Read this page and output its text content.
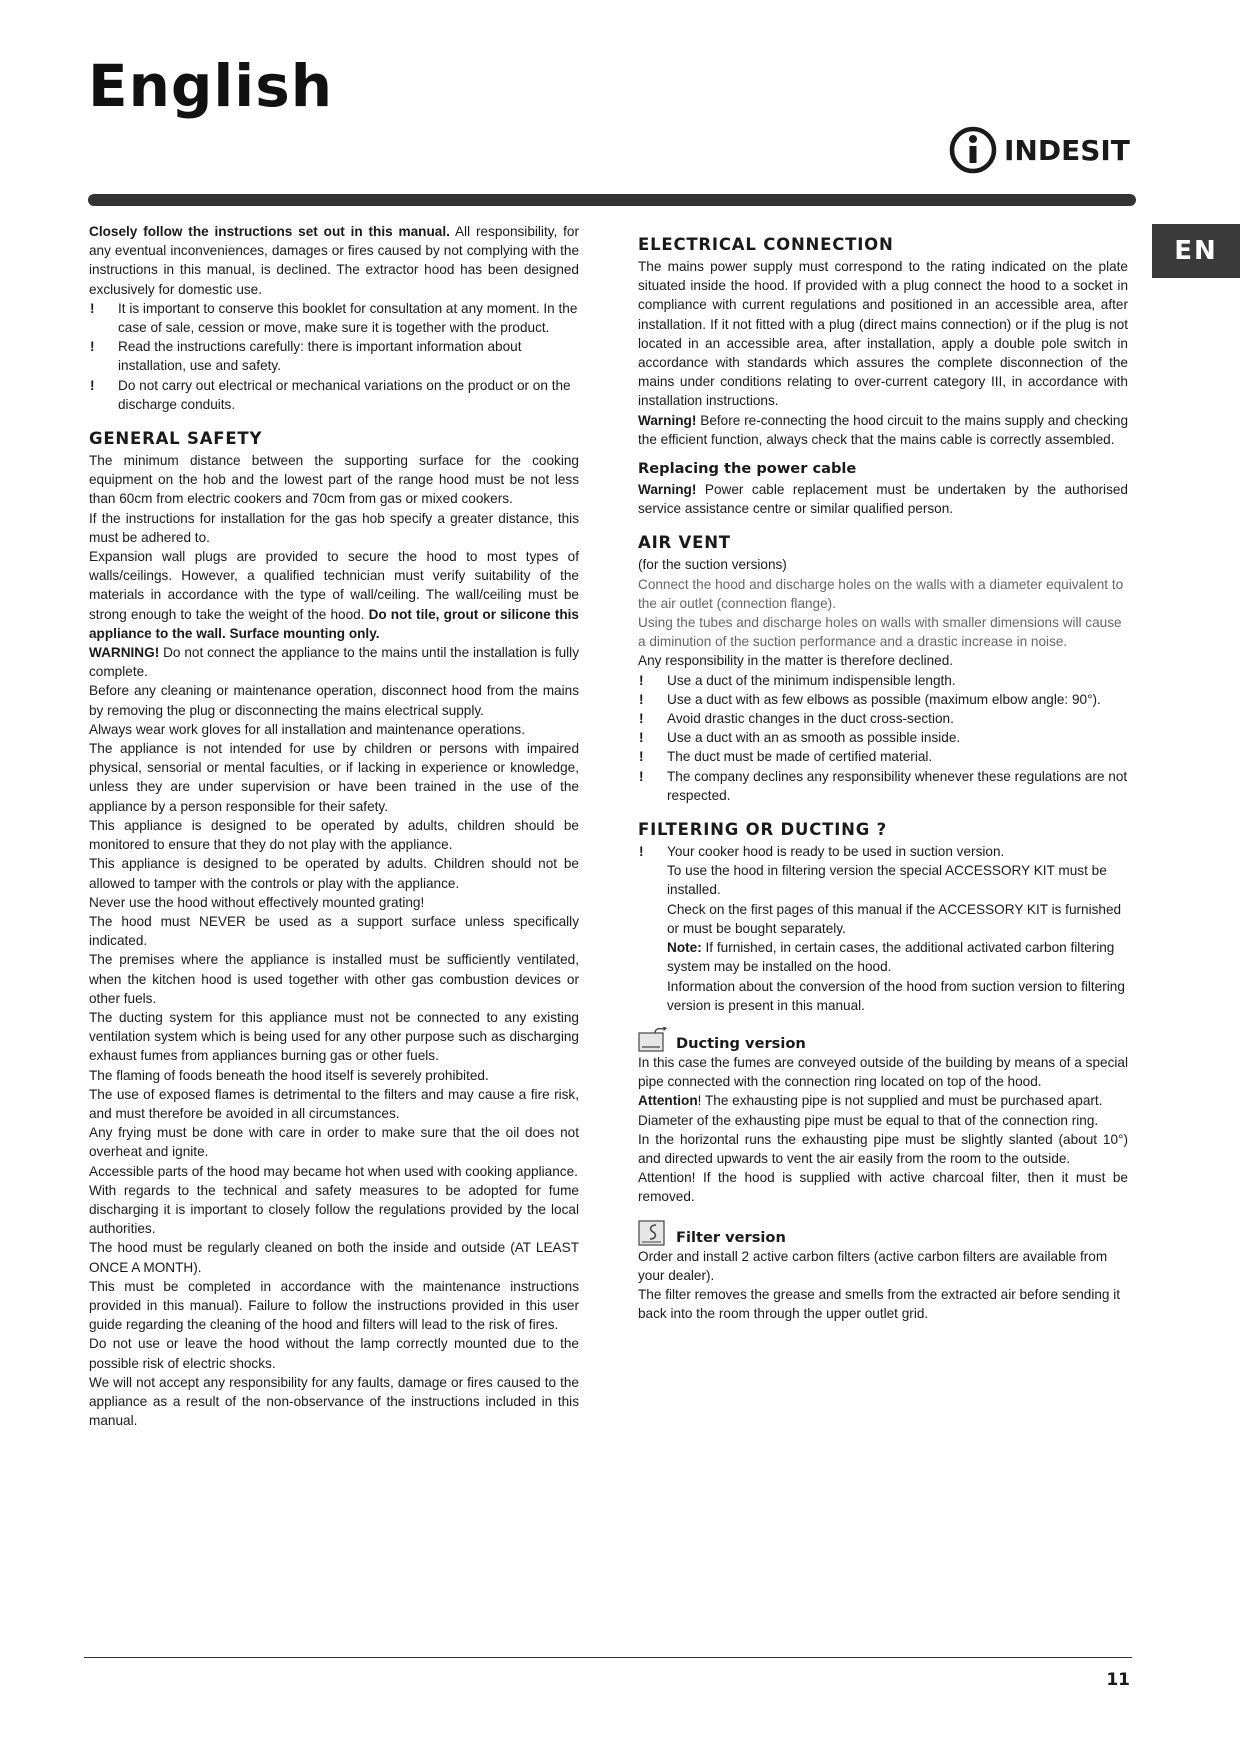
English
INDESIT
EN

Closely follow the instructions set out in this manual. All responsibility, for any eventual inconveniences, damages or fires caused by not complying with the instructions in this manual, is declined. The extractor hood has been designed exclusively for domestic use.

! It is important to conserve this booklet for consultation at any moment. In the case of sale, cession or move, make sure it is together with the product.
! Read the instructions carefully: there is important information about installation, use and safety.
! Do not carry out electrical or mechanical variations on the product or on the discharge conduits.
GENERAL SAFETY

The minimum distance between the supporting surface for the cooking equipment on the hob and the lowest part of the range hood must be not less than 60cm from electric cookers and 70cm from gas or mixed cookers.

If the instructions for installation for the gas hob specify a greater distance, this must be adhered to.

Expansion wall plugs are provided to secure the hood to most types of walls/ceilings. However, a qualified technician must verify suitability of the materials in accordance with the type of wall/ceiling. The wall/ceiling must be strong enough to take the weight of the hood. Do not tile, grout or silicone this appliance to the wall. Surface mounting only.

WARNING! Do not connect the appliance to the mains until the installation is fully complete.

Before any cleaning or maintenance operation, disconnect hood from the mains by removing the plug or disconnecting the mains electrical supply.

Always wear work gloves for all installation and maintenance operations.

The appliance is not intended for use by children or persons with impaired physical, sensorial or mental faculties, or if lacking in experience or knowledge, unless they are under supervision or have been trained in the use of the appliance by a person responsible for their safety.

This appliance is designed to be operated by adults, children should be monitored to ensure that they do not play with the appliance.

This appliance is designed to be operated by adults. Children should not be allowed to tamper with the controls or play with the appliance.

Never use the hood without effectively mounted grating!

The hood must NEVER be used as a support surface unless specifically indicated.

The premises where the appliance is installed must be sufficiently ventilated, when the kitchen hood is used together with other gas combustion devices or other fuels.

The ducting system for this appliance must not be connected to any existing ventilation system which is being used for any other purpose such as discharging exhaust fumes from appliances burning gas or other fuels.

The flaming of foods beneath the hood itself is severely prohibited.

The use of exposed flames is detrimental to the filters and may cause a fire risk, and must therefore be avoided in all circumstances.

Any frying must be done with care in order to make sure that the oil does not overheat and ignite.

Accessible parts of the hood may became hot when used with cooking appliance.

With regards to the technical and safety measures to be adopted for fume discharging it is important to closely follow the regulations provided by the local authorities.

The hood must be regularly cleaned on both the inside and outside (AT LEAST ONCE A MONTH).

This must be completed in accordance with the maintenance instructions provided in this manual). Failure to follow the instructions provided in this user guide regarding the cleaning of the hood and filters will lead to the risk of fires.

Do not use or leave the hood without the lamp correctly mounted due to the possible risk of electric shocks.

We will not accept any responsibility for any faults, damage or fires caused to the appliance as a result of the non-observance of the instructions included in this manual.

ELECTRICAL CONNECTION

The mains power supply must correspond to the rating indicated on the plate situated inside the hood. If provided with a plug connect the hood to a socket in compliance with current regulations and positioned in an accessible area, after installation. If it not fitted with a plug (direct mains connection) or if the plug is not located in an accessible area, after installation, apply a double pole switch in accordance with standards which assures the complete disconnection of the mains under conditions relating to over-current category III, in accordance with installation instructions.

Warning! Before re-connecting the hood circuit to the mains supply and checking the efficient function, always check that the mains cable is correctly assembled.

Replacing the power cable

Warning! Power cable replacement must be undertaken by the authorised service assistance centre or similar qualified person.

AIR VENT

(for the suction versions)

Connect the hood and discharge holes on the walls with a diameter equivalent to the air outlet (connection flange).

Using the tubes and discharge holes on walls with smaller dimensions will cause a diminution of the suction performance and a drastic increase in noise.

Any responsibility in the matter is therefore declined.

! Use a duct of the minimum indispensible length.
! Use a duct with as few elbows as possible (maximum elbow angle: 90°).
! Avoid drastic changes in the duct cross-section.
! Use a duct with an as smooth as possible inside.
! The duct must be made of certified material.
! The company declines any responsibility whenever these regulations are not respected.
FILTERING OR DUCTING ?
! Your cooker hood is ready to be used in suction version.

To use the hood in filtering version the special ACCESSORY KIT must be installed.

Check on the first pages of this manual if the ACCESSORY KIT is furnished or must be bought separately.

Note: If furnished, in certain cases, the additional activated carbon filtering system may be installed on the hood.

Information about the conversion of the hood from suction version to filtering version is present in this manual.

Ducting version

In this case the fumes are conveyed outside of the building by means of a special pipe connected with the connection ring located on top of the hood.

Attention! The exhausting pipe is not supplied and must be purchased apart.

Diameter of the exhausting pipe must be equal to that of the connection ring.

In the horizontal runs the exhausting pipe must be slightly slanted (about 10°) and directed upwards to vent the air easily from the room to the outside.

Attention! If the hood is supplied with active charcoal filter, then it must be removed.

Filter version

Order and install 2 active carbon filters (active carbon filters are available from your dealer).

The filter removes the grease and smells from the extracted air before sending it back into the room through the upper outlet grid.

11
